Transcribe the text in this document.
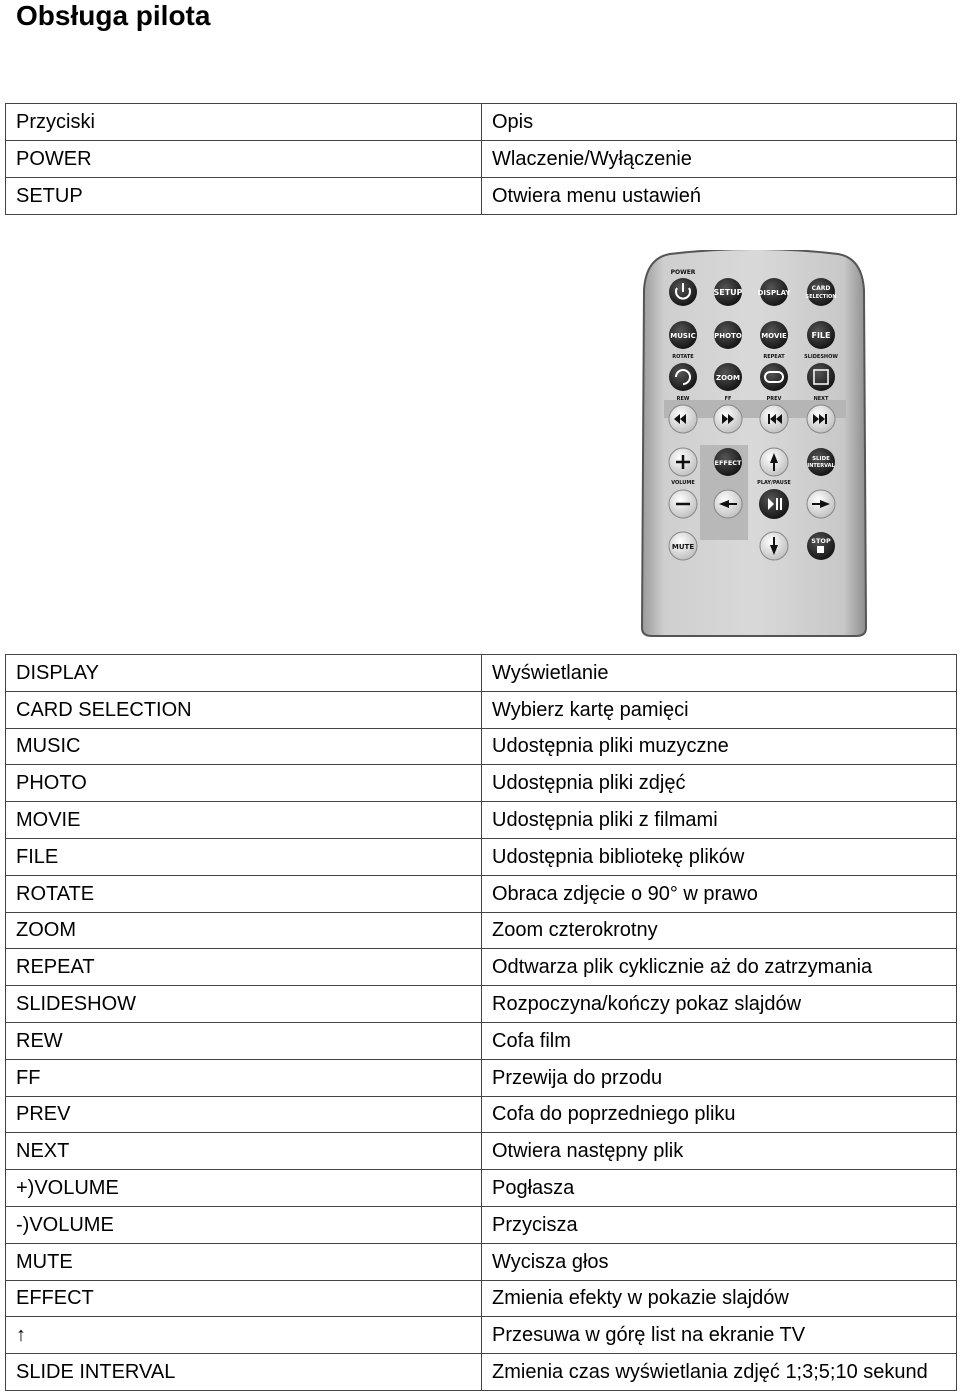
Obsługa pilota
Przyciski	Opis
POWER	Wlaczenie/Wyłączenie
SETUP	Otwiera menu ustawień
POWER
SETUP DISPLAY
CARD
SELECTION
MUSIC	PHOTO	MOVIE	FILE
ROTATE	REPEAT	SLIDESHOW
ZOOM
REW	FF	PREV	NEXT
EFFECT	SLIDE
INTERVAL
VOLUME	PLAY/PAUSE
MUTE
STOP
DISPLAY	Wyświetlanie
CARD SELECTION	Wybierz kartę pamięci
MUSIC	Udostępnia pliki muzyczne
PHOTO	Udostępnia pliki zdjęć
MOVIE	Udostępnia pliki z filmami
FILE	Udostępnia bibliotekę plików
ROTATE	Obraca zdjęcie o 90° w prawo
ZOOM	Zoom czterokrotny
REPEAT	Odtwarza plik cyklicznie aż do zatrzymania
SLIDESHOW	Rozpoczyna/kończy pokaz slajdów
REW	Cofa film
FF	Przewija do przodu
PREV	Cofa do poprzedniego pliku
NEXT	Otwiera następny plik
+)VOLUME	Pogłasza
-)VOLUME	Przycisza
MUTE	Wycisza głos
EFFECT	Zmienia efekty w pokazie slajdów
↑	Przesuwa w górę list na ekranie TV
SLIDE INTERVAL	Zmienia czas wyświetlania zdjęć 1;3;5;10 sekund
